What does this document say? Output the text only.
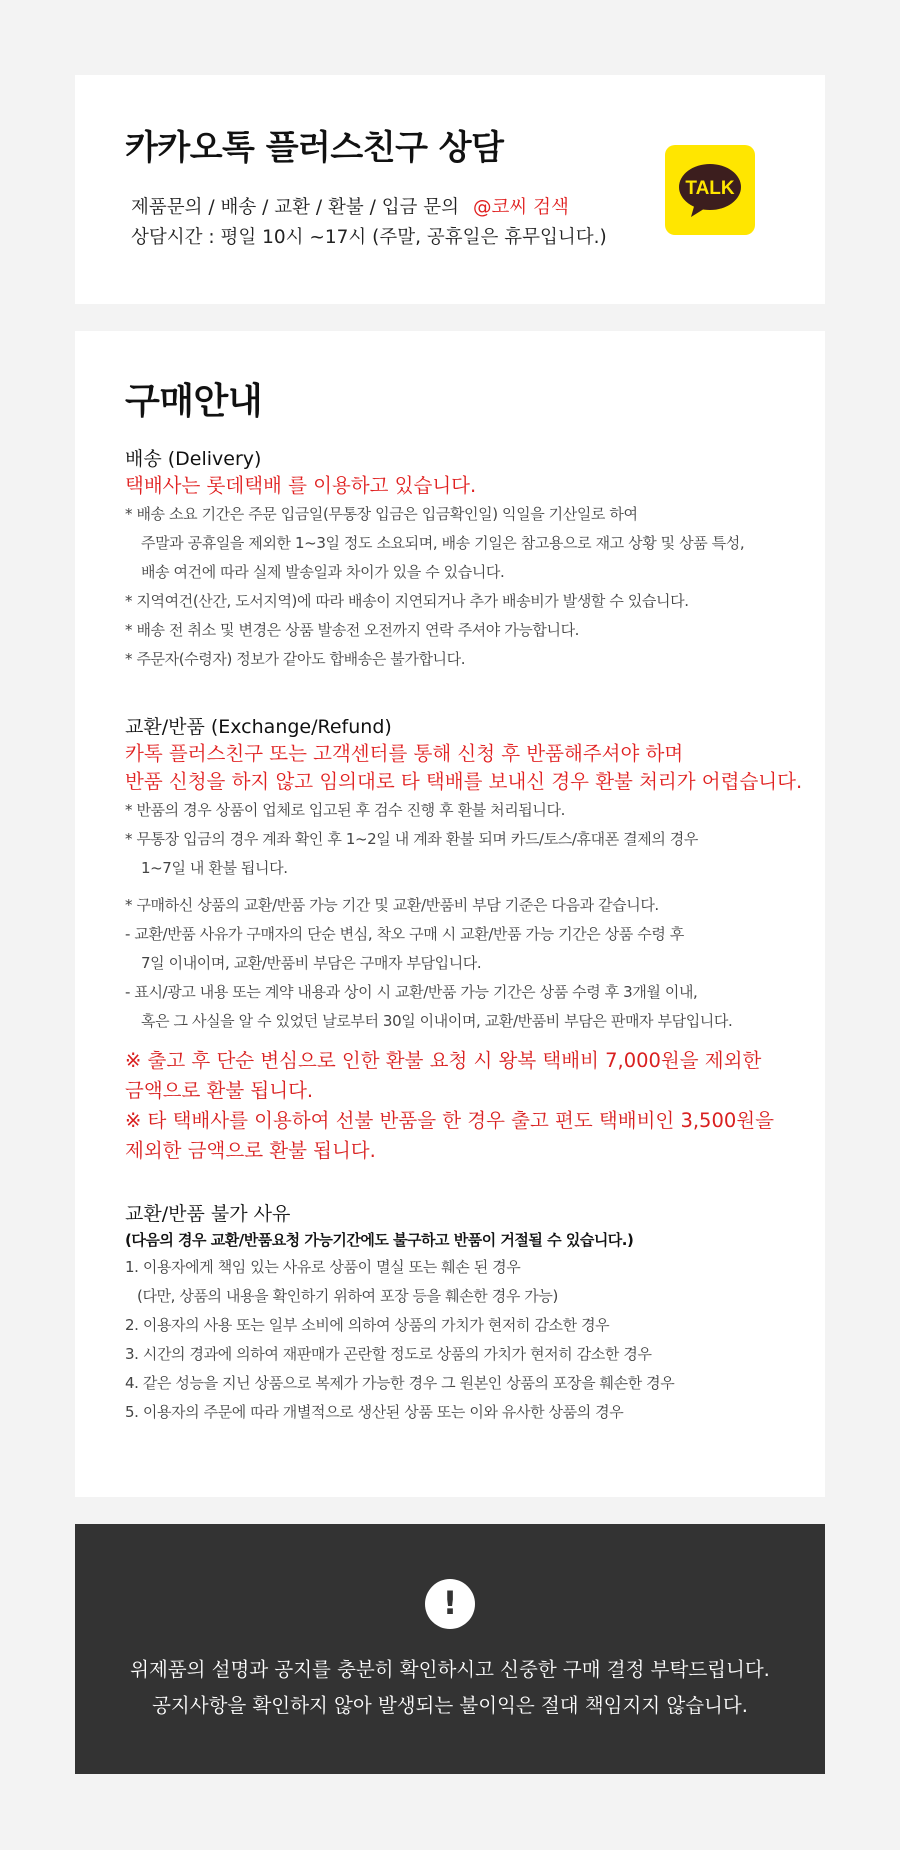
카카오톡 플러스친구 상담
제품문의 / 배송 / 교환 / 환불 / 입금 문의 @코씨 검색
상담시간 : 평일 10시 ~17시 (주말, 공휴일은 휴무입니다.)
TALK
구매안내

배송 (Delivery)

택배사는 롯데택배 를 이용하고 있습니다.

* 배송 소요 기간은 주문 입금일(무통장 입금은 입금확인일) 익일을 기산일로 하여

주말과 공휴일을 제외한 1~3일 정도 소요되며, 배송 기일은 참고용으로 재고 상황 및 상품 특성,

배송 여건에 따라 실제 발송일과 차이가 있을 수 있습니다.

* 지역여건(산간, 도서지역)에 따라 배송이 지연되거나 추가 배송비가 발생할 수 있습니다.

* 배송 전 취소 및 변경은 상품 발송전 오전까지 연락 주셔야 가능합니다.

* 주문자(수령자) 정보가 같아도 합배송은 불가합니다.

교환/반품 (Exchange/Refund)

카톡 플러스친구 또는 고객센터를 통해 신청 후 반품해주셔야 하며

반품 신청을 하지 않고 임의대로 타 택배를 보내신 경우 환불 처리가 어렵습니다.

* 반품의 경우 상품이 업체로 입고된 후 검수 진행 후 환불 처리됩니다.

* 무통장 입금의 경우 계좌 확인 후 1~2일 내 계좌 환불 되며 카드/토스/휴대폰 결제의 경우

1~7일 내 환불 됩니다.

* 구매하신 상품의 교환/반품 가능 기간 및 교환/반품비 부담 기준은 다음과 같습니다.

- 교환/반품 사유가 구매자의 단순 변심, 착오 구매 시 교환/반품 가능 기간은 상품 수령 후

7일 이내이며, 교환/반품비 부담은 구매자 부담입니다.

- 표시/광고 내용 또는 계약 내용과 상이 시 교환/반품 가능 기간은 상품 수령 후 3개월 이내,

혹은 그 사실을 알 수 있었던 날로부터 30일 이내이며, 교환/반품비 부담은 판매자 부담입니다.

※ 출고 후 단순 변심으로 인한 환불 요청 시 왕복 택배비 7,000원을 제외한

금액으로 환불 됩니다.

※ 타 택배사를 이용하여 선불 반품을 한 경우 출고 편도 택배비인 3,500원을

제외한 금액으로 환불 됩니다.

교환/반품 불가 사유

(다음의 경우 교환/반품요청 가능기간에도 불구하고 반품이 거절될 수 있습니다.)

1. 이용자에게 책임 있는 사유로 상품이 멸실 또는 훼손 된 경우

(다만, 상품의 내용을 확인하기 위하여 포장 등을 훼손한 경우 가능)

2. 이용자의 사용 또는 일부 소비에 의하여 상품의 가치가 현저히 감소한 경우

3. 시간의 경과에 의하여 재판매가 곤란할 정도로 상품의 가치가 현저히 감소한 경우

4. 같은 성능을 지닌 상품으로 복제가 가능한 경우 그 원본인 상품의 포장을 훼손한 경우

5. 이용자의 주문에 따라 개별적으로 생산된 상품 또는 이와 유사한 상품의 경우

!
위제품의 설명과 공지를 충분히 확인하시고 신중한 구매 결정 부탁드립니다.
공지사항을 확인하지 않아 발생되는 불이익은 절대 책임지지 않습니다.
